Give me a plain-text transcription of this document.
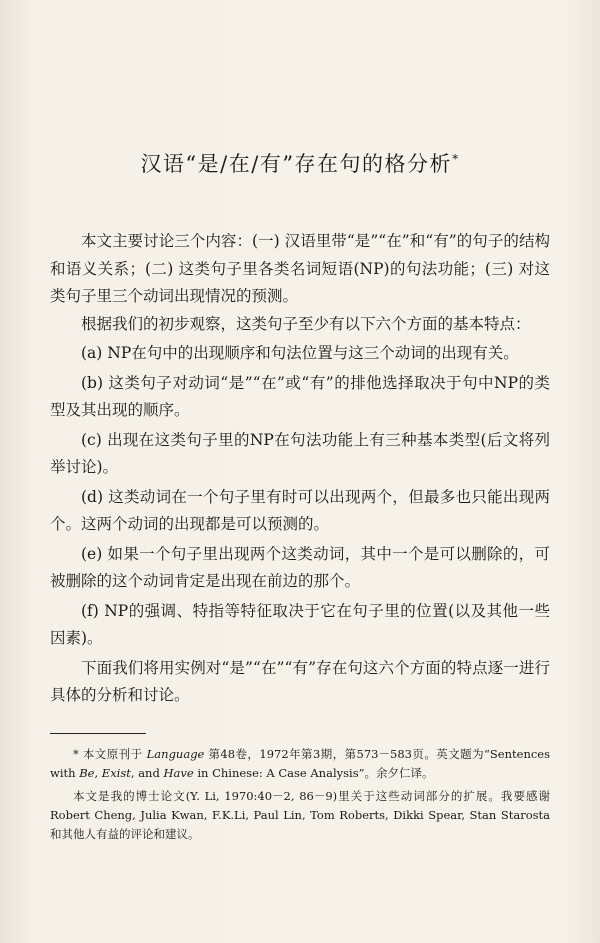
汉语“是/在/有”存在句的格分析*

本文主要讨论三个内容：(一) 汉语里带“是”“在”和“有”的句子的结构和语义关系；(二) 这类句子里各类名词短语(NP)的句法功能；(三) 对这类句子里三个动词出现情况的预测。

根据我们的初步观察，这类句子至少有以下六个方面的基本特点：

(a) NP在句中的出现顺序和句法位置与这三个动词的出现有关。

(b) 这类句子对动词“是”“在”或“有”的排他选择取决于句中NP的类型及其出现的顺序。

(c) 出现在这类句子里的NP在句法功能上有三种基本类型(后文将列举讨论)。

(d) 这类动词在一个句子里有时可以出现两个，但最多也只能出现两个。这两个动词的出现都是可以预测的。

(e) 如果一个句子里出现两个这类动词，其中一个是可以删除的，可被删除的这个动词肯定是出现在前边的那个。

(f) NP的强调、特指等特征取决于它在句子里的位置(以及其他一些因素)。

下面我们将用实例对“是”“在”“有”存在句这六个方面的特点逐一进行具体的分析和讨论。

* 本文原刊于 Language 第48卷，1972年第3期，第573－583页。英文题为“Sentences with Be, Exist, and Have in Chinese: A Case Analysis”。余夕仁译。

本文是我的博士论文(Y. Li, 1970:40－2, 86－9)里关于这些动词部分的扩展。我要感谢 Robert Cheng, Julia Kwan, F.K.Li, Paul Lin, Tom Roberts, Dikki Spear, Stan Starosta 和其他人有益的评论和建议。
